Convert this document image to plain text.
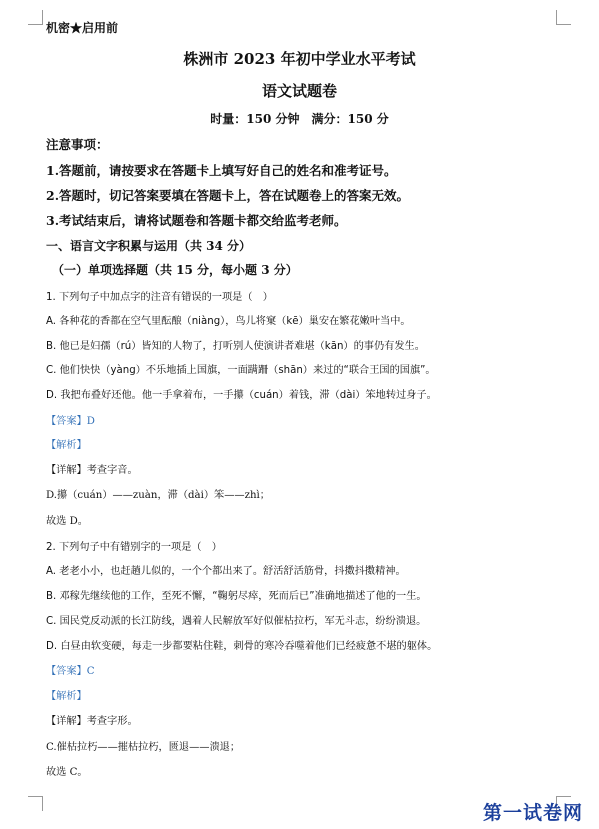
机密★启用前
株洲市 2023 年初中学业水平考试
语文试题卷
时量：150 分钟　满分：150 分
注意事项：
1.答题前，请按要求在答题卡上填写好自己的姓名和准考证号。
2.答题时，切记答案要填在答题卡上，答在试题卷上的答案无效。
3.考试结束后，请将试题卷和答题卡都交给监考老师。
一、语言文字积累与运用（共 34 分）
（一）单项选择题（共 15 分，每小题 3 分）
1. 下列句子中加点字的注音有错误的一项是（　）
A. 各种花的香都在空气里酝酿（niàng），鸟儿将窠（kē）巢安在繁花嫩叶当中。
B. 他已是妇孺（rú）皆知的人物了，打听别人使演讲者难堪（kān）的事仍有发生。
C. 他们快快（yàng）不乐地插上国旗，一面蹒跚（shān）来过的“联合王国的国旗”。
D. 我把布叠好还他。他一手拿着布，一手攥（cuán）着钱，滞（dài）笨地转过身子。
【答案】D
【解析】
【详解】考查字音。
D.攥（cuán）——zuàn，滞（dài）笨——zhì；
故选 D。
2. 下列句子中有错别字的一项是（　）
A. 老老小小，也赶趟儿似的，一个个都出来了。舒活舒活筋骨，抖擞抖擞精神。
B. 邓稼先继续他的工作，至死不懈，“鞠躬尽瘁，死而后已”准确地描述了他的一生。
C. 国民党反动派的长江防线，遇着人民解放军好似催枯拉朽，军无斗志，纷纷溃退。
D. 白昼由软变硬，每走一步都要粘住鞋，刺骨的寒冷吞噬着他们已经疲惫不堪的躯体。
【答案】C
【解析】
【详解】考查字形。
C.催枯拉朽——摧枯拉朽，匮退——溃退；
故选 C。
第一试卷网
